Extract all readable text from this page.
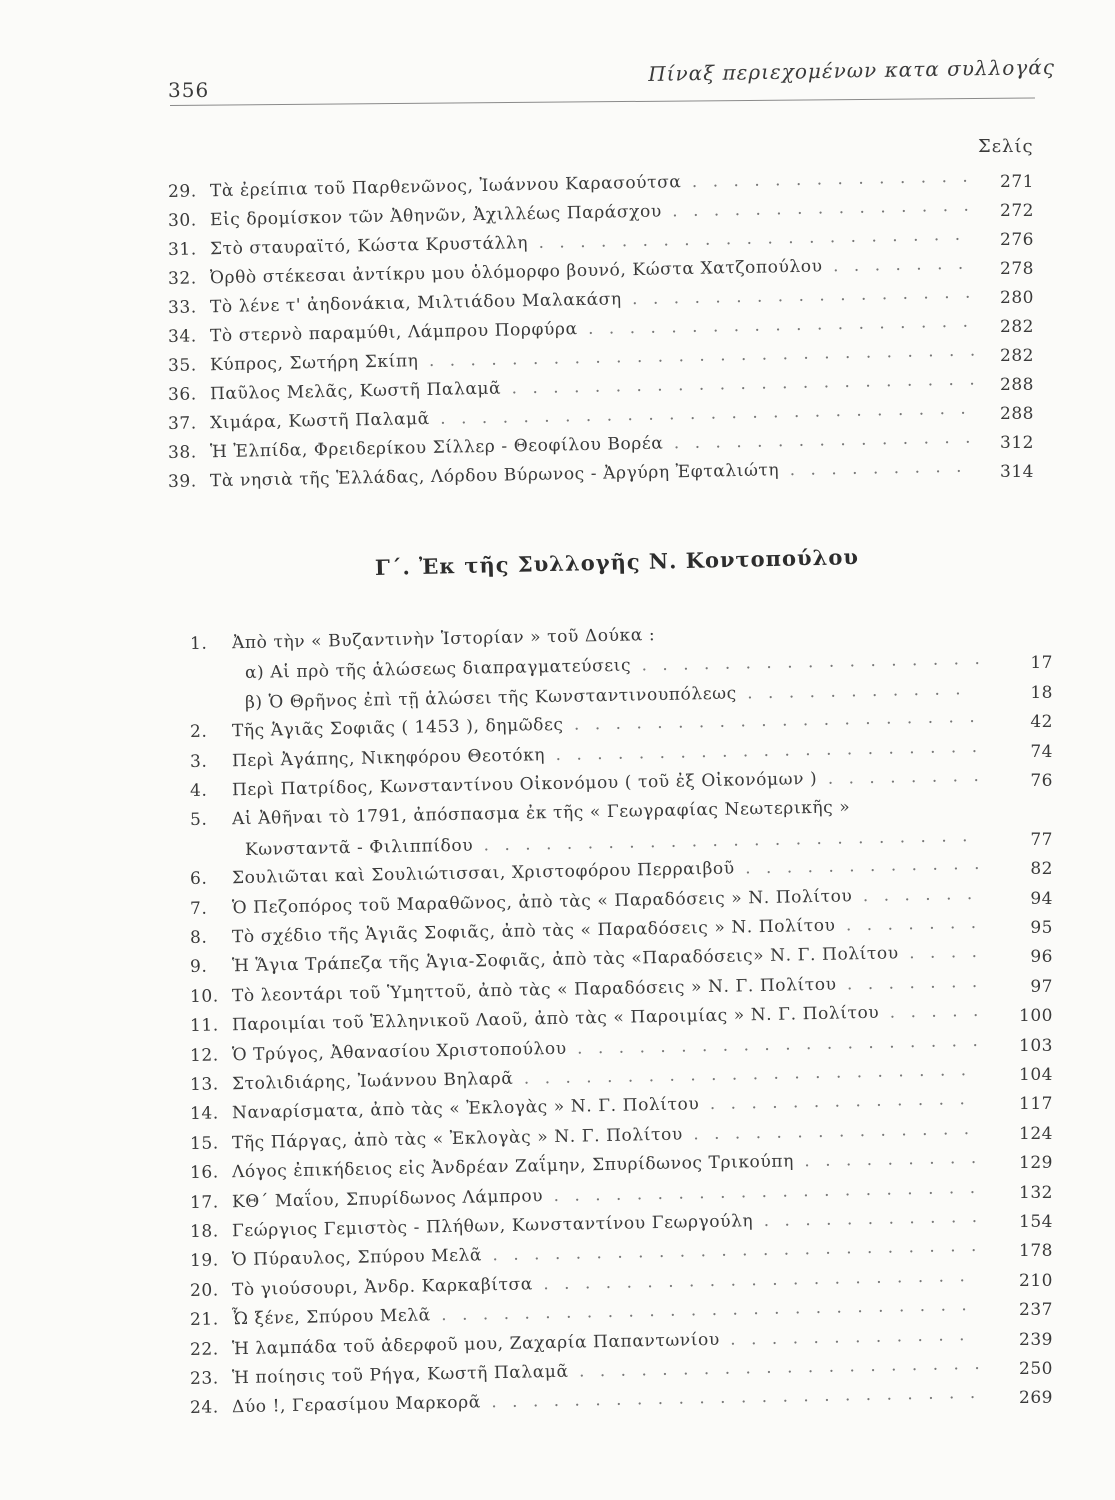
356
Πίναξ περιεχομένων κατα συλλογάς
Σελίς
29. Τὰ ἐρείπια τοῦ Παρθενῶνος, Ἰωάννου Καρασούτσα . . . . . . . . . . . . . .	271
30. Εἰς δρομίσκον τῶν Ἀθηνῶν, Ἀχιλλέως Παράσχου . . . . . . . . . . . . . . .	272
31. Στὸ σταυραϊτό, Κώστα Κρυστάλλη . . . . . . . . . . . . . . . . . . . . .	276
32. Ὀρθὸ στέκεσαι ἀντίκρυ μου ὁλόμορφο βουνό, Κώστα Χατζοπούλου . . . . . . .	278
33. Τὸ λένε τ' ἀηδονάκια, Μιλτιάδου Μαλακάση . . . . . . . . . . . . . . . . .	280
34. Τὸ στερνὸ παραμύθι, Λάμπρου Πορφύρα . . . . . . . . . . . . . . . . . . .	282
35. Κύπρος, Σωτήρη Σκίπη . . . . . . . . . . . . . . . . . . . . . . . . . . .	282
36. Παῦλος Μελᾶς, Κωστῆ Παλαμᾶ . . . . . . . . . . . . . . . . . . . . . . .	288
37. Χιμάρα, Κωστῆ Παλαμᾶ . . . . . . . . . . . . . . . . . . . . . . . . . .	288
38. Ἡ Ἐλπίδα, Φρειδερίκου Σίλλερ - Θεοφίλου Βορέα . . . . . . . . . . . . . . .	312
39. Τὰ νησιὰ τῆς Ἑλλάδας, Λόρδου Βύρωνος - Ἀργύρη Ἐφταλιώτη . . . . . . . . .	314
Γ΄. Ἐκ τῆς Συλλογῆς Ν. Κοντοπούλου
1. Ἀπὸ τὴν « Βυζαντινὴν Ἱστορίαν » τοῦ Δούκα :
α) Αἱ πρὸ τῆς ἁλώσεως διαπραγματεύσεις . . . . . . . . . . . . . . . . .	17
β) Ὁ Θρῆνος ἐπὶ τῇ ἁλώσει τῆς Κωνσταντινουπόλεως . . . . . . . . . . .	18
2. Τῆς Ἁγιᾶς Σοφιᾶς ( 1453 ), δημῶδες . . . . . . . . . . . . . . . . . . . .	42
3. Περὶ Ἀγάπης, Νικηφόρου Θεοτόκη . . . . . . . . . . . . . . . . . . . . .	74
4. Περὶ Πατρίδος, Κωνσταντίνου Οἰκονόμου ( τοῦ ἐξ Οἰκονόμων ) . . . . . . . .	76
5. Αἱ Ἀθῆναι τὸ 1791, ἀπόσπασμα ἐκ τῆς « Γεωγραφίας Νεωτερικῆς »
Κωνσταντᾶ - Φιλιππίδου . . . . . . . . . . . . . . . . . . . . . . . .	77
6. Σουλιῶται καὶ Σουλιώτισσαι, Χριστοφόρου Περραιβοῦ . . . . . . . . . . . .	82
7. Ὁ Πεζοπόρος τοῦ Μαραθῶνος, ἀπὸ τὰς « Παραδόσεις » Ν. Πολίτου . . . . . .	94
8. Τὸ σχέδιο τῆς Ἁγιᾶς Σοφιᾶς, ἀπὸ τὰς « Παραδόσεις » Ν. Πολίτου . . . . . . .	95
9. Ἡ Ἅγια Τράπεζα τῆς Ἁγια-Σοφιᾶς, ἀπὸ τὰς «Παραδόσεις» Ν. Γ. Πολίτου . . . .	96
10. Τὸ λεοντάρι τοῦ Ὑμηττοῦ, ἀπὸ τὰς « Παραδόσεις » Ν. Γ. Πολίτου . . . . . . .	97
11. Παροιμίαι τοῦ Ἑλληνικοῦ Λαοῦ, ἀπὸ τὰς « Παροιμίας » Ν. Γ. Πολίτου . . . . .	100
12. Ὁ Τρύγος, Ἀθανασίου Χριστοπούλου . . . . . . . . . . . . . . . . . . . .	103
13. Στολιδιάρης, Ἰωάννου Βηλαρᾶ . . . . . . . . . . . . . . . . . . . . . .	104
14. Ναναρίσματα, ἀπὸ τὰς « Ἐκλογὰς » Ν. Γ. Πολίτου . . . . . . . . . . . . .	117
15. Τῆς Πάργας, ἀπὸ τὰς « Ἐκλογὰς » Ν. Γ. Πολίτου . . . . . . . . . . . . . .	124
16. Λόγος ἐπικήδειος εἰς Ἀνδρέαν Ζαΐμην, Σπυρίδωνος Τρικούπη . . . . . . . . .	129
17. ΚΘ΄ Μαΐου, Σπυρίδωνος Λάμπρου . . . . . . . . . . . . . . . . . . . . .	132
18. Γεώργιος Γεμιστὸς - Πλήθων, Κωνσταντίνου Γεωργούλη . . . . . . . . . . .	154
19. Ὁ Πύραυλος, Σπύρου Μελᾶ . . . . . . . . . . . . . . . . . . . . . . . .	178
20. Τὸ γιούσουρι, Ἀνδρ. Καρκαβίτσα . . . . . . . . . . . . . . . . . . . . .	210
21. Ὦ ξένε, Σπύρου Μελᾶ . . . . . . . . . . . . . . . . . . . . . . . . . .	237
22. Ἡ λαμπάδα τοῦ ἀδερφοῦ μου, Ζαχαρία Παπαντωνίου . . . . . . . . . . . .	239
23. Ἡ ποίησις τοῦ Ρήγα, Κωστῆ Παλαμᾶ . . . . . . . . . . . . . . . . . . . .	250
24. Δύο !, Γερασίμου Μαρκορᾶ . . . . . . . . . . . . . . . . . . . . . . . .	269
